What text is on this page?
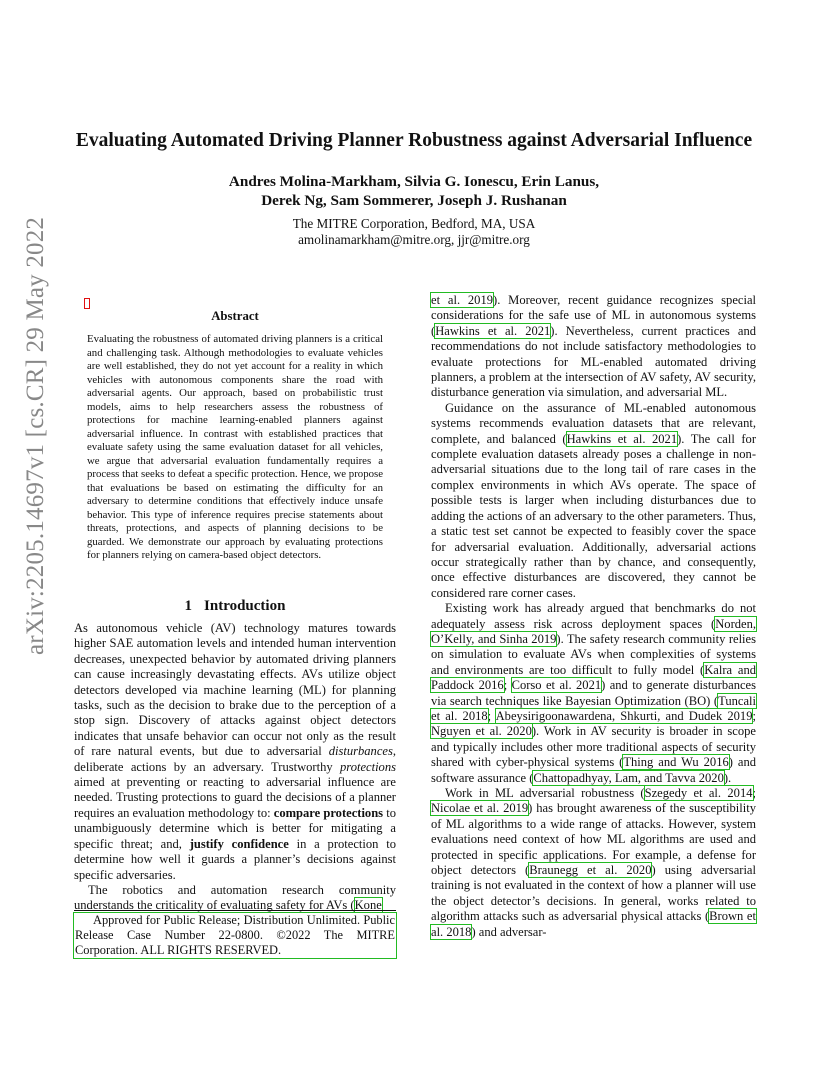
arXiv:2205.14697v1 [cs.CR] 29 May 2022
Evaluating Automated Driving Planner Robustness against Adversarial Influence
Andres Molina-Markham, Silvia G. Ionescu, Erin Lanus,
Derek Ng, Sam Sommerer, Joseph J. Rushanan
The MITRE Corporation, Bedford, MA, USA
amolinamarkham@mitre.org, jjr@mitre.org
Abstract
Evaluating the robustness of automated driving planners is a critical and challenging task. Although methodologies to evaluate vehicles are well established, they do not yet account for a reality in which vehicles with autonomous components share the road with adversarial agents. Our approach, based on probabilistic trust models, aims to help researchers assess the robustness of protections for machine learning-enabled planners against adversarial influence. In contrast with established practices that evaluate safety using the same evaluation dataset for all vehicles, we argue that adversarial evaluation fundamentally requires a process that seeks to defeat a specific protection. Hence, we propose that evaluations be based on estimating the difficulty for an adversary to determine conditions that effectively induce unsafe behavior. This type of inference requires precise statements about threats, protections, and aspects of planning decisions to be guarded. We demonstrate our approach by evaluating protections for planners relying on camera-based object detectors.
1 Introduction

As autonomous vehicle (AV) technology matures towards higher SAE automation levels and intended human intervention decreases, unexpected behavior by automated driving planners can cause increasingly devastating effects. AVs utilize object detectors developed via machine learning (ML) for planning tasks, such as the decision to brake due to the perception of a stop sign. Discovery of attacks against object detectors indicates that unsafe behavior can occur not only as the result of rare natural events, but due to adversarial disturbances, deliberate actions by an adversary. Trustworthy protections aimed at preventing or reacting to adversarial influence are needed. Trusting protections to guard the decisions of a planner requires an evaluation methodology to: compare protections to unambiguously determine which is better for mitigating a specific threat; and, justify confidence in a protection to determine how well it guards a planner’s decisions against specific adversaries.

The robotics and automation research community understands the criticality of evaluating safety for AVs (Kone

Approved for Public Release; Distribution Unlimited. Public Release Case Number 22-0800. ©2022 The MITRE Corporation. ALL RIGHTS RESERVED.

et al. 2019). Moreover, recent guidance recognizes special considerations for the safe use of ML in autonomous systems (Hawkins et al. 2021). Nevertheless, current practices and recommendations do not include satisfactory methodologies to evaluate protections for ML-enabled automated driving planners, a problem at the intersection of AV safety, AV security, disturbance generation via simulation, and adversarial ML.

Guidance on the assurance of ML-enabled autonomous systems recommends evaluation datasets that are relevant, complete, and balanced (Hawkins et al. 2021). The call for complete evaluation datasets already poses a challenge in non-adversarial situations due to the long tail of rare cases in the complex environments in which AVs operate. The space of possible tests is larger when including disturbances due to adding the actions of an adversary to the other parameters. Thus, a static test set cannot be expected to feasibly cover the space for adversarial evaluation. Additionally, adversarial actions occur strategically rather than by chance, and consequently, once effective disturbances are discovered, they cannot be considered rare corner cases.

Existing work has already argued that benchmarks do not adequately assess risk across deployment spaces (Norden, O’Kelly, and Sinha 2019). The safety research community relies on simulation to evaluate AVs when complexities of systems and environments are too difficult to fully model (Kalra and Paddock 2016; Corso et al. 2021) and to generate disturbances via search techniques like Bayesian Optimization (BO) (Tuncali et al. 2018; Abeysirigoonawardena, Shkurti, and Dudek 2019; Nguyen et al. 2020). Work in AV security is broader in scope and typically includes other more traditional aspects of security shared with cyber-physical systems (Thing and Wu 2016) and software assurance (Chattopadhyay, Lam, and Tavva 2020).

Work in ML adversarial robustness (Szegedy et al. 2014; Nicolae et al. 2019) has brought awareness of the susceptibility of ML algorithms to a wide range of attacks. However, system evaluations need context of how ML algorithms are used and protected in specific applications. For example, a defense for object detectors (Braunegg et al. 2020) using adversarial training is not evaluated in the context of how a planner will use the object detector’s decisions. In general, works related to algorithm attacks such as adversarial physical attacks (Brown et al. 2018) and adversar-
